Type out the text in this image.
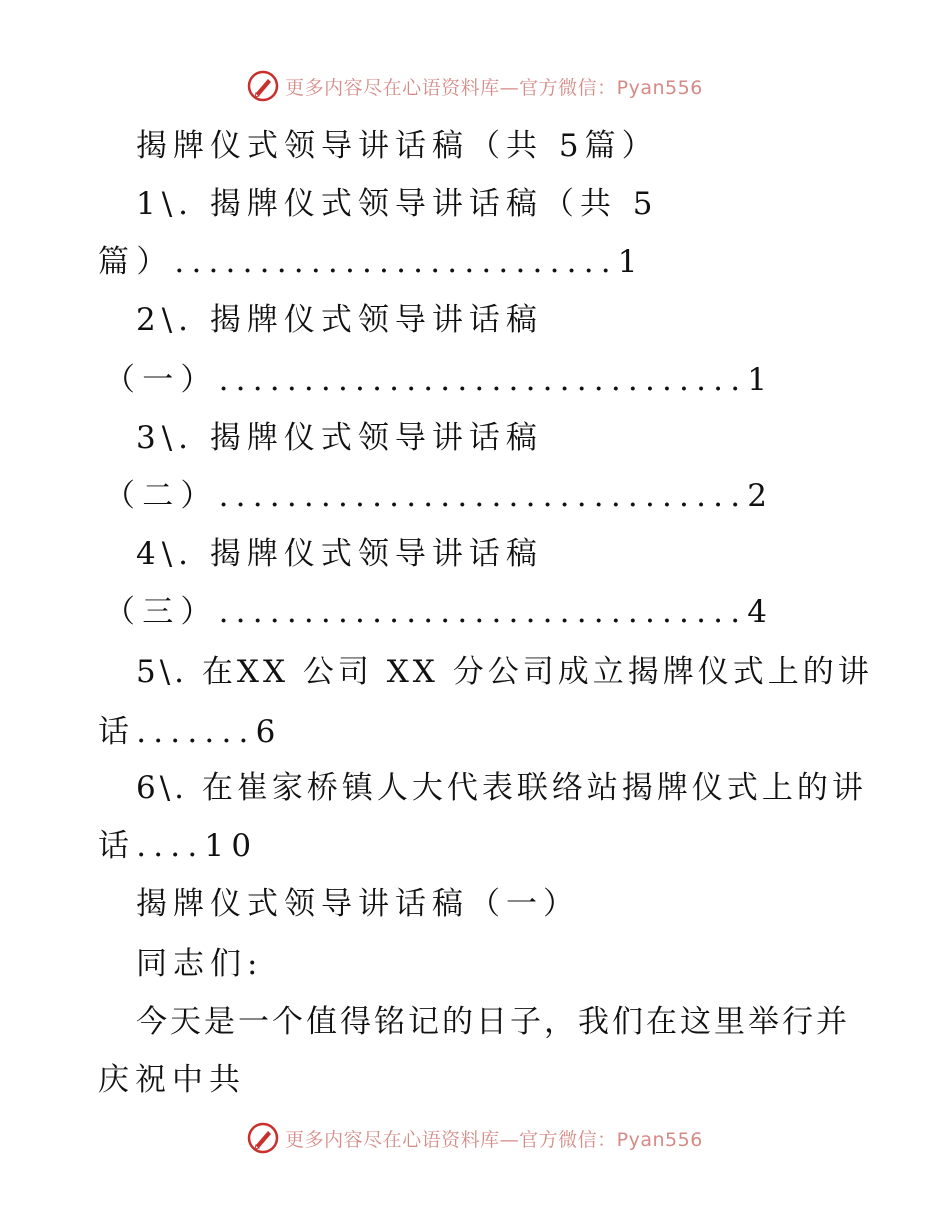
更多内容尽在心语资料库—官方微信：Pyan556
揭牌仪式领导讲话稿（共 5篇）
1\. 揭牌仪式领导讲话稿（共 5
篇）..........................1
2\. 揭牌仪式领导讲话稿
（一）...............................1
3\. 揭牌仪式领导讲话稿
（二）...............................2
4\. 揭牌仪式领导讲话稿
（三）...............................4
5\. 在XX 公司 XX 分公司成立揭牌仪式上的讲
话.......6
6\. 在崔家桥镇人大代表联络站揭牌仪式上的讲
话....10
揭牌仪式领导讲话稿（一）
同志们:
今天是一个值得铭记的日子，我们在这里举行并
庆祝中共
更多内容尽在心语资料库—官方微信：Pyan556
